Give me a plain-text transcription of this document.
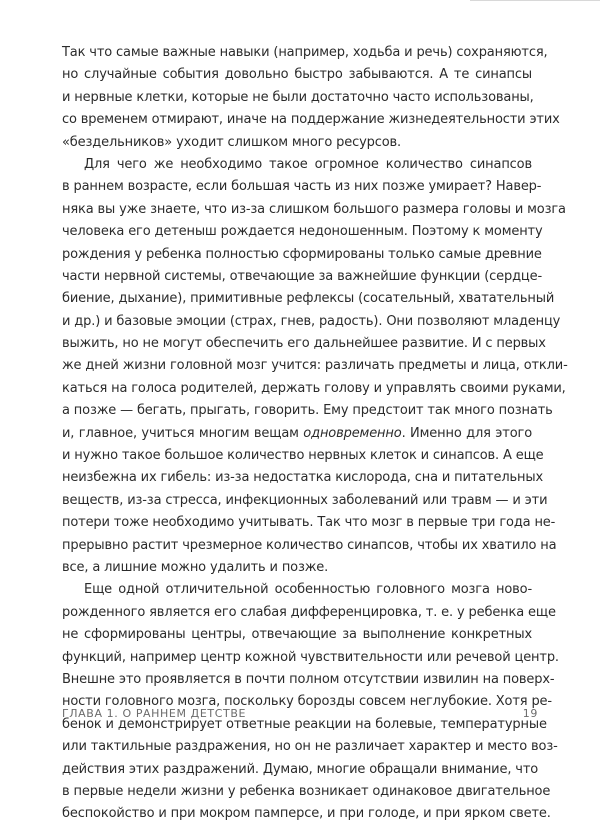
Так что самые важные навыки (например, ходьба и речь) сохраняются,
но случайные события довольно быстро забываются. А те синапсы
и нервные клетки, которые не были достаточно часто использованы,
со временем отмирают, иначе на поддержание жизнедеятельности этих
«бездельников» уходит слишком много ресурсов.
Для чего же необходимо такое огромное количество синапсов
в раннем возрасте, если большая часть из них позже умирает? Навер-
няка вы уже знаете, что из-за слишком большого размера головы и мозга
человека его детеныш рождается недоношенным. Поэтому к моменту
рождения у ребенка полностью сформированы только самые древние
части нервной системы, отвечающие за важнейшие функции (сердце-
биение, дыхание), примитивные рефлексы (сосательный, хватательный
и др.) и базовые эмоции (страх, гнев, радость). Они позволяют младенцу
выжить, но не могут обеспечить его дальнейшее развитие. И с первых
же дней жизни головной мозг учится: различать предметы и лица, откли-
каться на голоса родителей, держать голову и управлять своими руками,
а позже — бегать, прыгать, говорить. Ему предстоит так много познать
и, главное, учиться многим вещам одновременно. Именно для этого
и нужно такое большое количество нервных клеток и синапсов. А еще
неизбежна их гибель: из-за недостатка кислорода, сна и питательных
веществ, из-за стресса, инфекционных заболеваний или травм — и эти
потери тоже необходимо учитывать. Так что мозг в первые три года не-
прерывно растит чрезмерное количество синапсов, чтобы их хватило на
все, а лишние можно удалить и позже.
Еще одной отличительной особенностью головного мозга ново-
рожденного является его слабая дифференцировка, т. е. у ребенка еще
не сформированы центры, отвечающие за выполнение конкретных
функций, например центр кожной чувствительности или речевой центр.
Внешне это проявляется в почти полном отсутствии извилин на поверх-
ности головного мозга, поскольку борозды совсем неглубокие. Хотя ре-
бенок и демонстрирует ответные реакции на болевые, температурные
или тактильные раздражения, но он не различает характер и место воз-
действия этих раздражений. Думаю, многие обращали внимание, что
в первые недели жизни у ребенка возникает одинаковое двигательное
беспокойство и при мокром памперсе, и при голоде, и при ярком свете.
ГЛАВА 1. О РАННЕМ ДЕТСТВЕ	19
